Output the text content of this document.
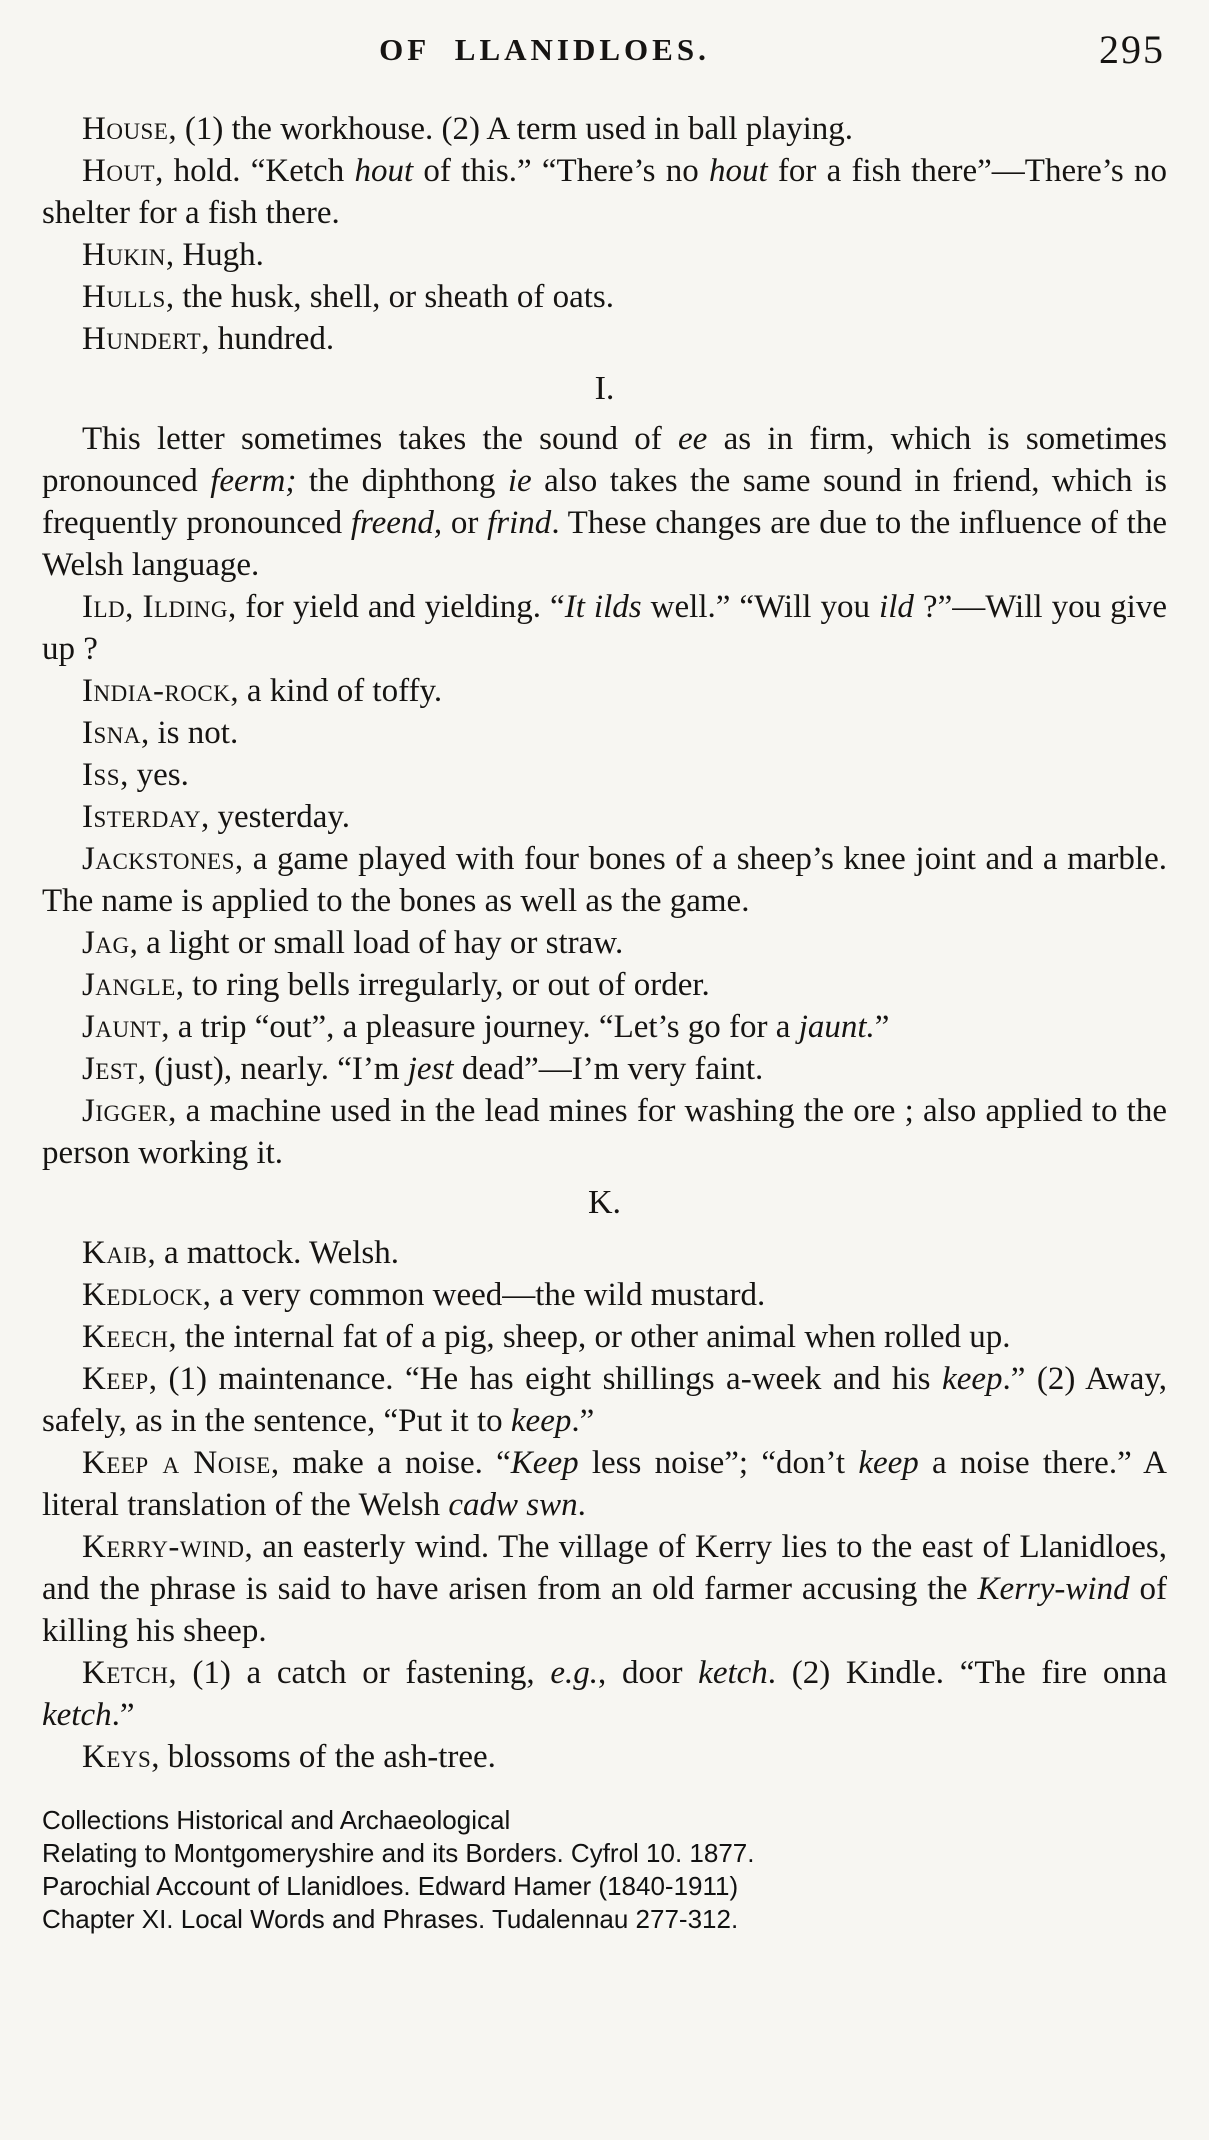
OF LLANIDLOES.	295

House, (1) the workhouse. (2) A term used in ball playing.

Hout, hold. “Ketch hout of this.” “There’s no hout for a fish there”—There’s no shelter for a fish there.

Hukin, Hugh.

Hulls, the husk, shell, or sheath of oats.

Hundert, hundred.

I.

This letter sometimes takes the sound of ee as in firm, which is sometimes pronounced feerm; the diphthong ie also takes the same sound in friend, which is frequently pronounced freend, or frind. These changes are due to the influence of the Welsh language.

Ild, Ilding, for yield and yielding. “It ilds well.” “Will you ild ?”—Will you give up ?

India-rock, a kind of toffy.

Isna, is not.

Iss, yes.

Isterday, yesterday.

Jackstones, a game played with four bones of a sheep’s knee joint and a marble. The name is applied to the bones as well as the game.

Jag, a light or small load of hay or straw.

Jangle, to ring bells irregularly, or out of order.

Jaunt, a trip “out”, a pleasure journey. “Let’s go for a jaunt.”

Jest, (just), nearly. “I’m jest dead”—I’m very faint.

Jigger, a machine used in the lead mines for washing the ore ; also applied to the person working it.

K.

Kaib, a mattock. Welsh.

Kedlock, a very common weed—the wild mustard.

Keech, the internal fat of a pig, sheep, or other animal when rolled up.

Keep, (1) maintenance. “He has eight shillings a-week and his keep.” (2) Away, safely, as in the sentence, “Put it to keep.”

Keep a Noise, make a noise. “Keep less noise”; “don’t keep a noise there.” A literal translation of the Welsh cadw swn.

Kerry-wind, an easterly wind. The village of Kerry lies to the east of Llanidloes, and the phrase is said to have arisen from an old farmer accusing the Kerry-wind of killing his sheep.

Ketch, (1) a catch or fastening, e.g., door ketch. (2) Kindle. “The fire onna ketch.”

Keys, blossoms of the ash-tree.

Collections Historical and Archaeological
Relating to Montgomeryshire and its Borders. Cyfrol 10. 1877.
Parochial Account of Llanidloes. Edward Hamer (1840-1911)
Chapter XI. Local Words and Phrases. Tudalennau 277-312.
